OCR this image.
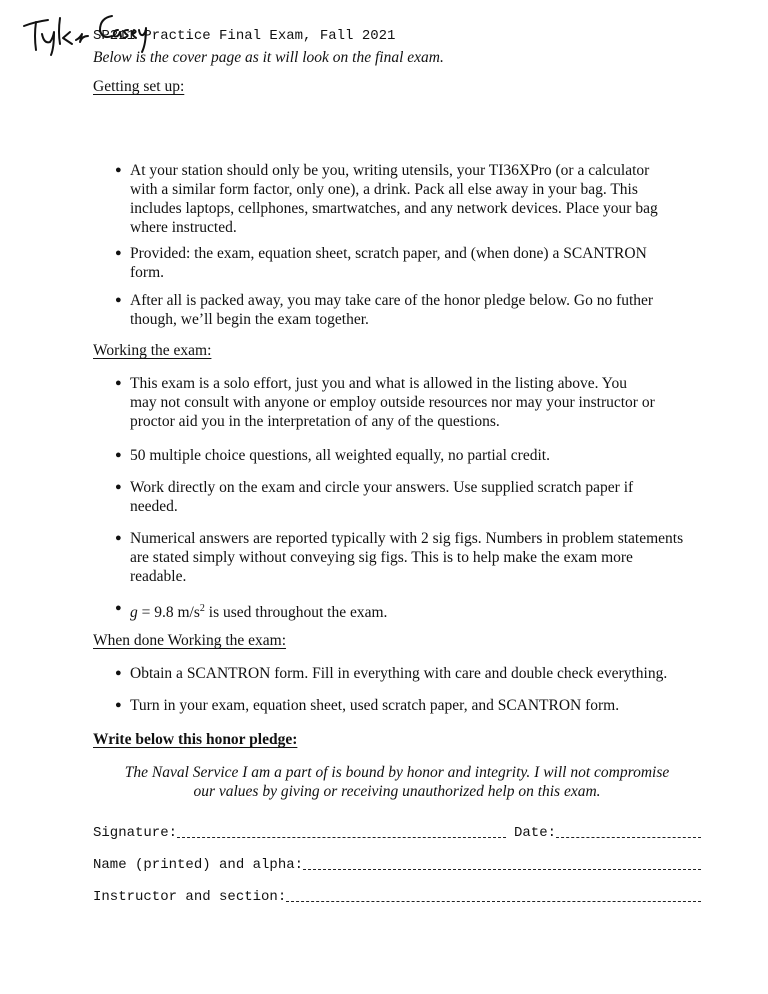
SP211 Practice Final Exam, Fall 2021
Below is the cover page as it will look on the final exam.
Getting set up:
● At your station should only be you, writing utensils, your TI36XPro (or a calculator
with a similar form factor, only one), a drink. Pack all else away in your bag. This
includes laptops, cellphones, smartwatches, and any network devices. Place your bag
where instructed.
● Provided: the exam, equation sheet, scratch paper, and (when done) a SCANTRON
form.
● After all is packed away, you may take care of the honor pledge below. Go no futher
though, we’ll begin the exam together.
Working the exam:
● This exam is a solo effort, just you and what is allowed in the listing above. You
may not consult with anyone or employ outside resources nor may your instructor or
proctor aid you in the interpretation of any of the questions.
● 50 multiple choice questions, all weighted equally, no partial credit.
● Work directly on the exam and circle your answers. Use supplied scratch paper if
needed.
● Numerical answers are reported typically with 2 sig figs. Numbers in problem statements
are stated simply without conveying sig figs. This is to help make the exam more
readable.
● g = 9.8 $m/s^2$ is used throughout the exam.
When done Working the exam:
● Obtain a SCANTRON form. Fill in everything with care and double check everything.
● Turn in your exam, equation sheet, used scratch paper, and SCANTRON form.
Write below this honor pledge:
The Naval Service I am a part of is bound by honor and integrity. I will not compromise
our values by giving or receiving unauthorized help on this exam.
Signature:	Date:
Name (printed) and alpha:
Instructor and section:
